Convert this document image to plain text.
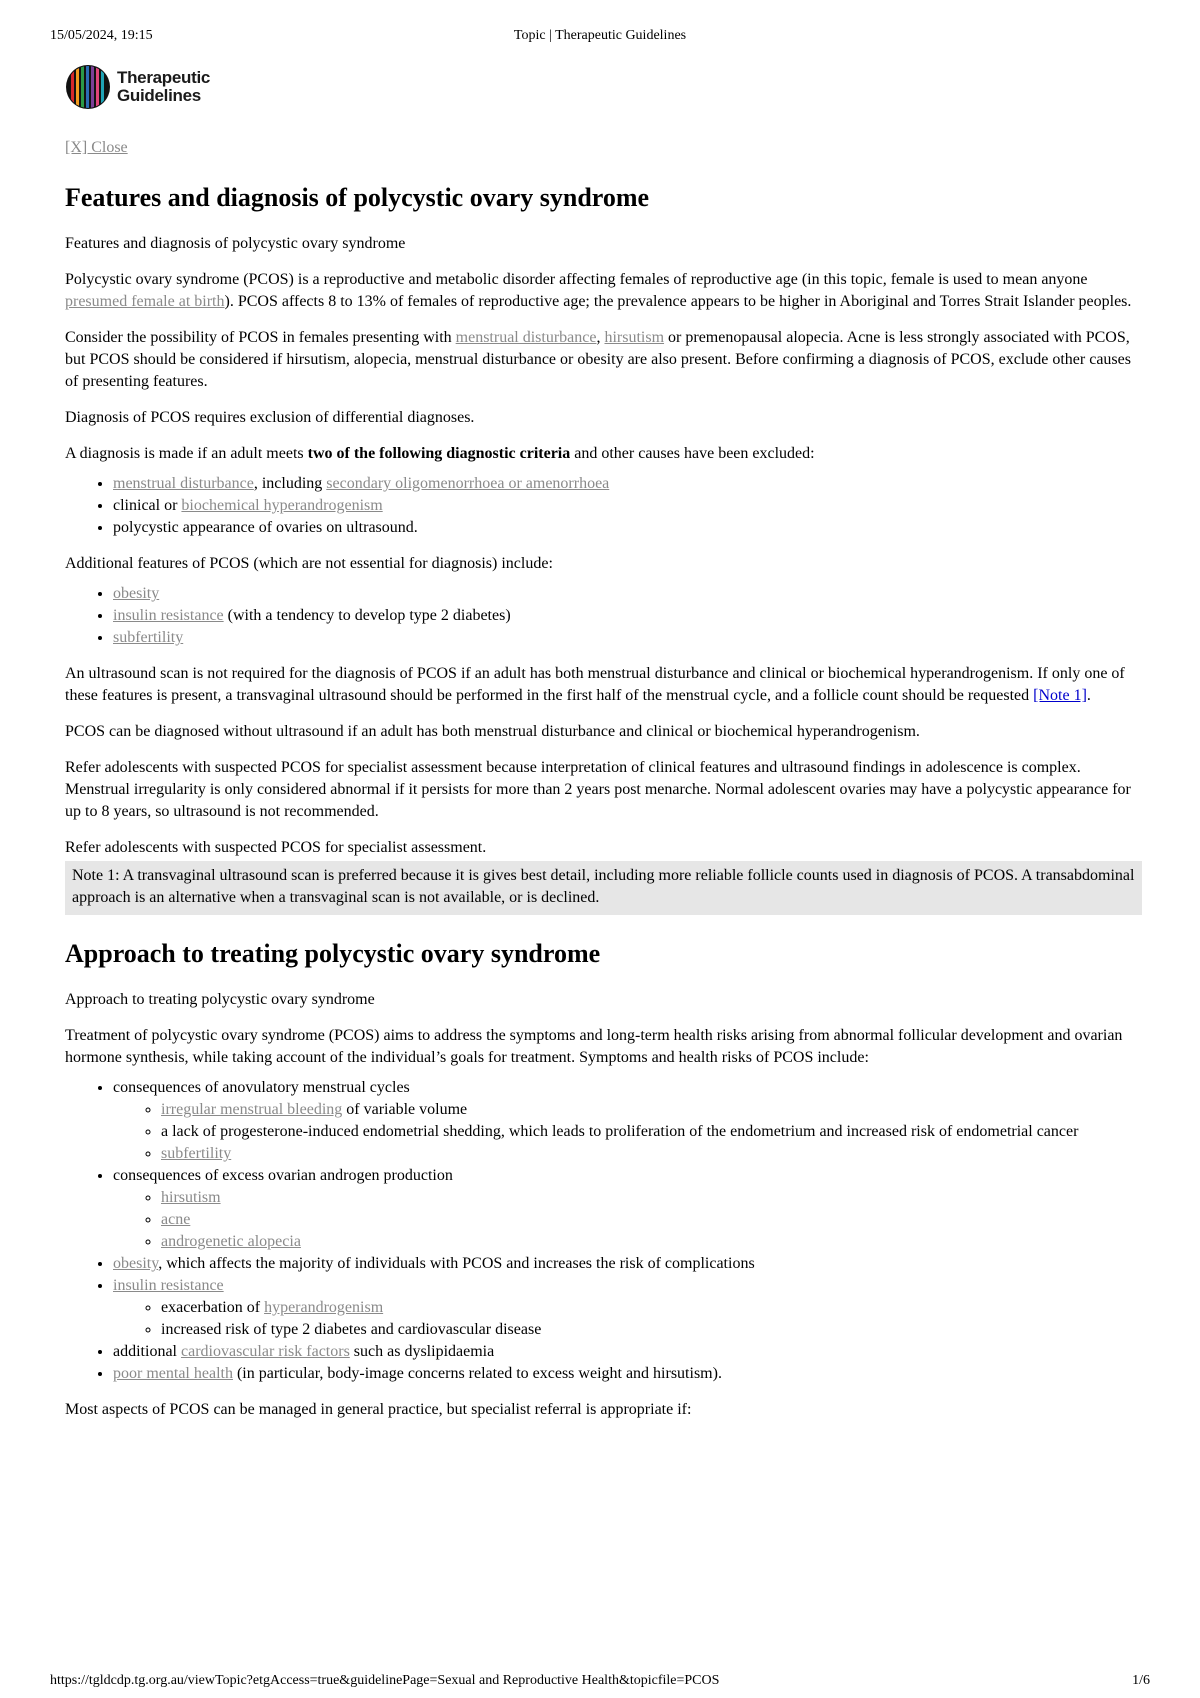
15/05/2024, 19:15	Topic | Therapeutic Guidelines
Therapeutic
Guidelines
[X] Close
Features and diagnosis of polycystic ovary syndrome

Features and diagnosis of polycystic ovary syndrome

Polycystic ovary syndrome (PCOS) is a reproductive and metabolic disorder affecting females of reproductive age (in this topic, female is used to mean anyone presumed female at birth). PCOS affects 8 to 13% of females of reproductive age; the prevalence appears to be higher in Aboriginal and Torres Strait Islander peoples.

Consider the possibility of PCOS in females presenting with menstrual disturbance, hirsutism or premenopausal alopecia. Acne is less strongly associated with PCOS, but PCOS should be considered if hirsutism, alopecia, menstrual disturbance or obesity are also present. Before confirming a diagnosis of PCOS, exclude other causes of presenting features.

Diagnosis of PCOS requires exclusion of differential diagnoses.

A diagnosis is made if an adult meets two of the following diagnostic criteria and other causes have been excluded:

• menstrual disturbance, including secondary oligomenorrhoea or amenorrhoea
• clinical or biochemical hyperandrogenism
• polycystic appearance of ovaries on ultrasound.

Additional features of PCOS (which are not essential for diagnosis) include:

• obesity
• insulin resistance (with a tendency to develop type 2 diabetes)
• subfertility

An ultrasound scan is not required for the diagnosis of PCOS if an adult has both menstrual disturbance and clinical or biochemical hyperandrogenism. If only one of these features is present, a transvaginal ultrasound should be performed in the first half of the menstrual cycle, and a follicle count should be requested [Note 1].

PCOS can be diagnosed without ultrasound if an adult has both menstrual disturbance and clinical or biochemical hyperandrogenism.

Refer adolescents with suspected PCOS for specialist assessment because interpretation of clinical features and ultrasound findings in adolescence is complex. Menstrual irregularity is only considered abnormal if it persists for more than 2 years post menarche. Normal adolescent ovaries may have a polycystic appearance for up to 8 years, so ultrasound is not recommended.

Refer adolescents with suspected PCOS for specialist assessment.

Note 1: A transvaginal ultrasound scan is preferred because it is gives best detail, including more reliable follicle counts used in diagnosis of PCOS. A transabdominal approach is an alternative when a transvaginal scan is not available, or is declined.
Approach to treating polycystic ovary syndrome

Approach to treating polycystic ovary syndrome

Treatment of polycystic ovary syndrome (PCOS) aims to address the symptoms and long-term health risks arising from abnormal follicular development and ovarian hormone synthesis, while taking account of the individual’s goals for treatment. Symptoms and health risks of PCOS include:

• consequences of anovulatory menstrual cycles
◦ irregular menstrual bleeding of variable volume
◦ a lack of progesterone-induced endometrial shedding, which leads to proliferation of the endometrium and increased risk of endometrial cancer
◦ subfertility
• consequences of excess ovarian androgen production
◦ hirsutism
◦ acne
◦ androgenetic alopecia
• obesity, which affects the majority of individuals with PCOS and increases the risk of complications
• insulin resistance
◦ exacerbation of hyperandrogenism
◦ increased risk of type 2 diabetes and cardiovascular disease
• additional cardiovascular risk factors such as dyslipidaemia
• poor mental health (in particular, body-image concerns related to excess weight and hirsutism).

Most aspects of PCOS can be managed in general practice, but specialist referral is appropriate if:

https://tgldcdp.tg.org.au/viewTopic?etgAccess=true&guidelinePage=Sexual and Reproductive Health&topicfile=PCOS	1/6
